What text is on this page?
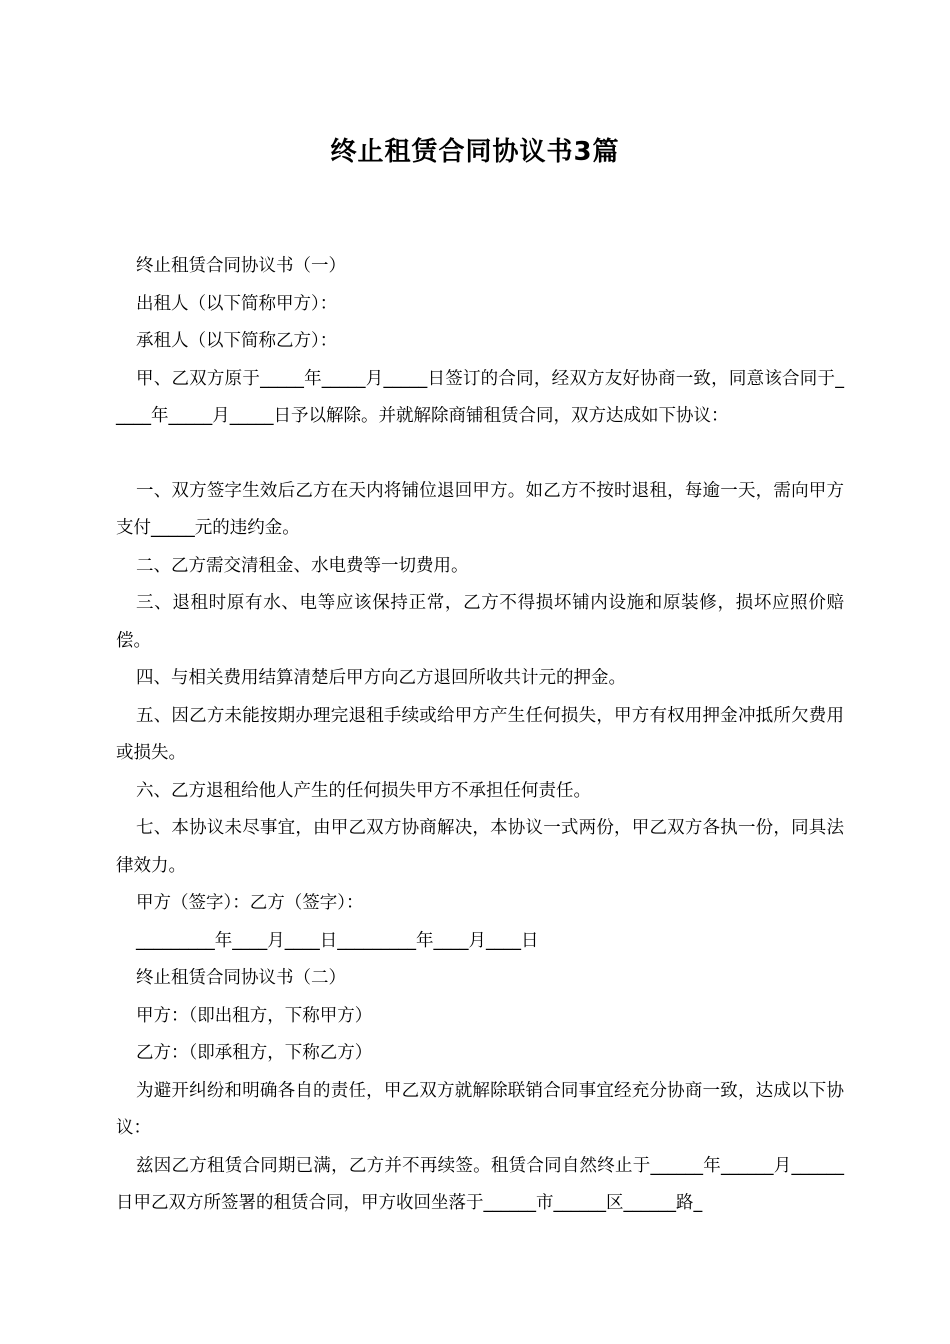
终止租赁合同协议书3篇

终止租赁合同协议书（一）

出租人（以下简称甲方）：

承租人（以下简称乙方）：

甲、乙双方原于_____年_____月_____日签订的合同，经双方友好协商一致，同意该合同于_____年_____月_____日予以解除。并就解除商铺租赁合同，双方达成如下协议：

一、双方签字生效后乙方在天内将铺位退回甲方。如乙方不按时退租，每逾一天，需向甲方支付_____元的违约金。

二、乙方需交清租金、水电费等一切费用。

三、退租时原有水、电等应该保持正常，乙方不得损坏铺内设施和原装修，损坏应照价赔偿。

四、与相关费用结算清楚后甲方向乙方退回所收共计元的押金。

五、因乙方未能按期办理完退租手续或给甲方产生任何损失，甲方有权用押金冲抵所欠费用或损失。

六、乙方退租给他人产生的任何损失甲方不承担任何责任。

七、本协议未尽事宜，由甲乙双方协商解决，本协议一式两份，甲乙双方各执一份，同具法律效力。

甲方（签字）：乙方（签字）：

_________年____月____日_________年____月____日

终止租赁合同协议书（二）

甲方：（即出租方，下称甲方）

乙方：（即承租方，下称乙方）

为避开纠纷和明确各自的责任，甲乙双方就解除联销合同事宜经充分协商一致，达成以下协议：

兹因乙方租赁合同期已满，乙方并不再续签。租赁合同自然终止于______年______月______日甲乙双方所签署的租赁合同，甲方收回坐落于______市______区______路_
